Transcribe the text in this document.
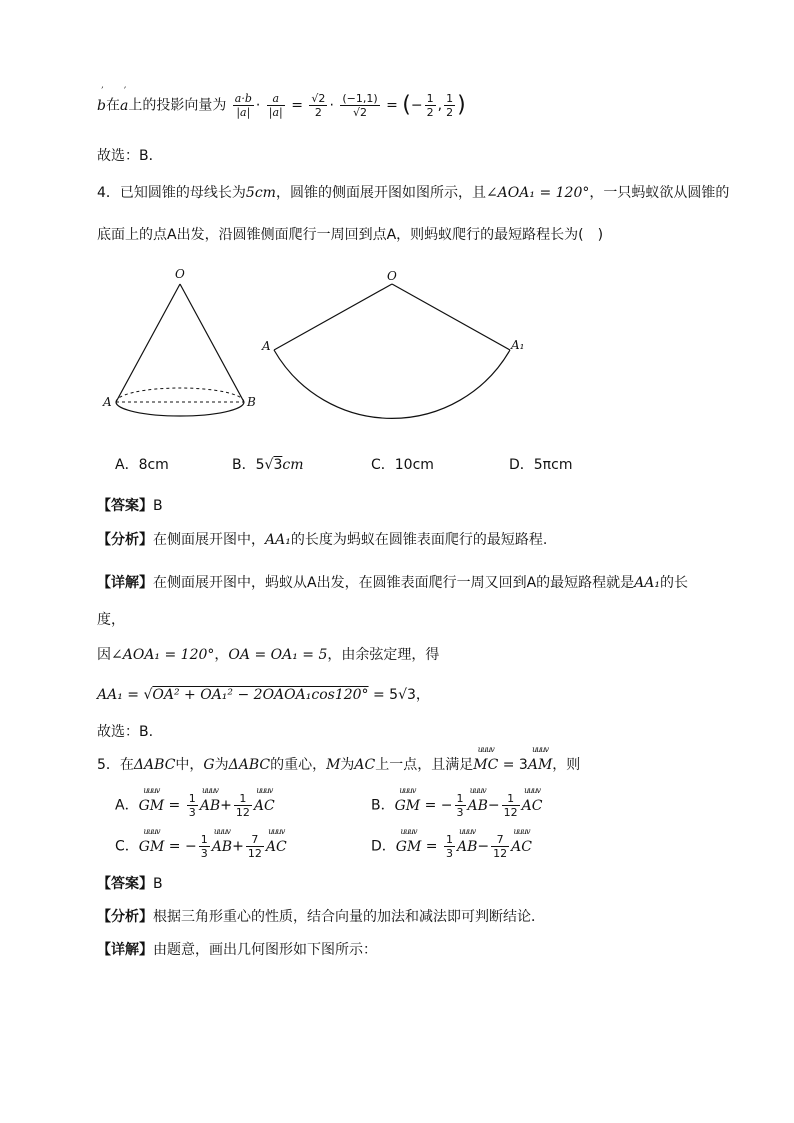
ʼ
b在
ʼ
a上的投影向量为 $\frac{a\cdot b}{|a|} \cdot \frac{a}{|a|} = \frac{√2}{2} \cdot \frac{(-1,1)}{√2}$ = (− $\frac{1}{2}$ , $\frac{1}{2}$ )
故选：B．
4．已知圆锥的母线长为5cm，圆锥的侧面展开图如图所示，且∠AOA₁ = 120°，一只蚂蚁欲从圆锥的
底面上的点A出发，沿圆锥侧面爬行一周回到点A，则蚂蚁爬行的最短路程长为(　)
O
A	B
O
A	A₁
A．8cm	B．5√3cm	C．10cm	D．5πcm
【答案】B
【分析】在侧面展开图中，AA₁的长度为蚂蚁在圆锥表面爬行的最短路程.
【详解】在侧面展开图中，蚂蚁从A出发，在圆锥表面爬行一周又回到A的最短路程就是AA₁的长
度，
因∠AOA₁ = 120°，OA = OA₁ = 5，由余弦定理，得
AA₁ = √OA² + OA₁² − 2OAOA₁cos120° = 5√3，
故选：B.
5．在ΔABC中，G为ΔABC的重心，M为AC上一点，且满足
uuuv
MC = 3
uuuv
AM，则
A．
uuuv
GM = $\frac{1}{3}$
uuuv
$AB+ \frac{1}{12}$
uuuv
AC	B．
uuuv
GM = − $\frac{1}{3}$
uuuv
$AB- \frac{1}{12}$
uuuv
AC
C．
uuuv
GM = − $\frac{1}{3}$
uuuv
$AB+ \frac{7}{12}$
uuuv
AC	D．
uuuv
GM = $\frac{1}{3}$
uuuv
$AB- \frac{7}{12}$
uuuv
AC
【答案】B
【分析】根据三角形重心的性质，结合向量的加法和减法即可判断结论．
【详解】由题意，画出几何图形如下图所示：
